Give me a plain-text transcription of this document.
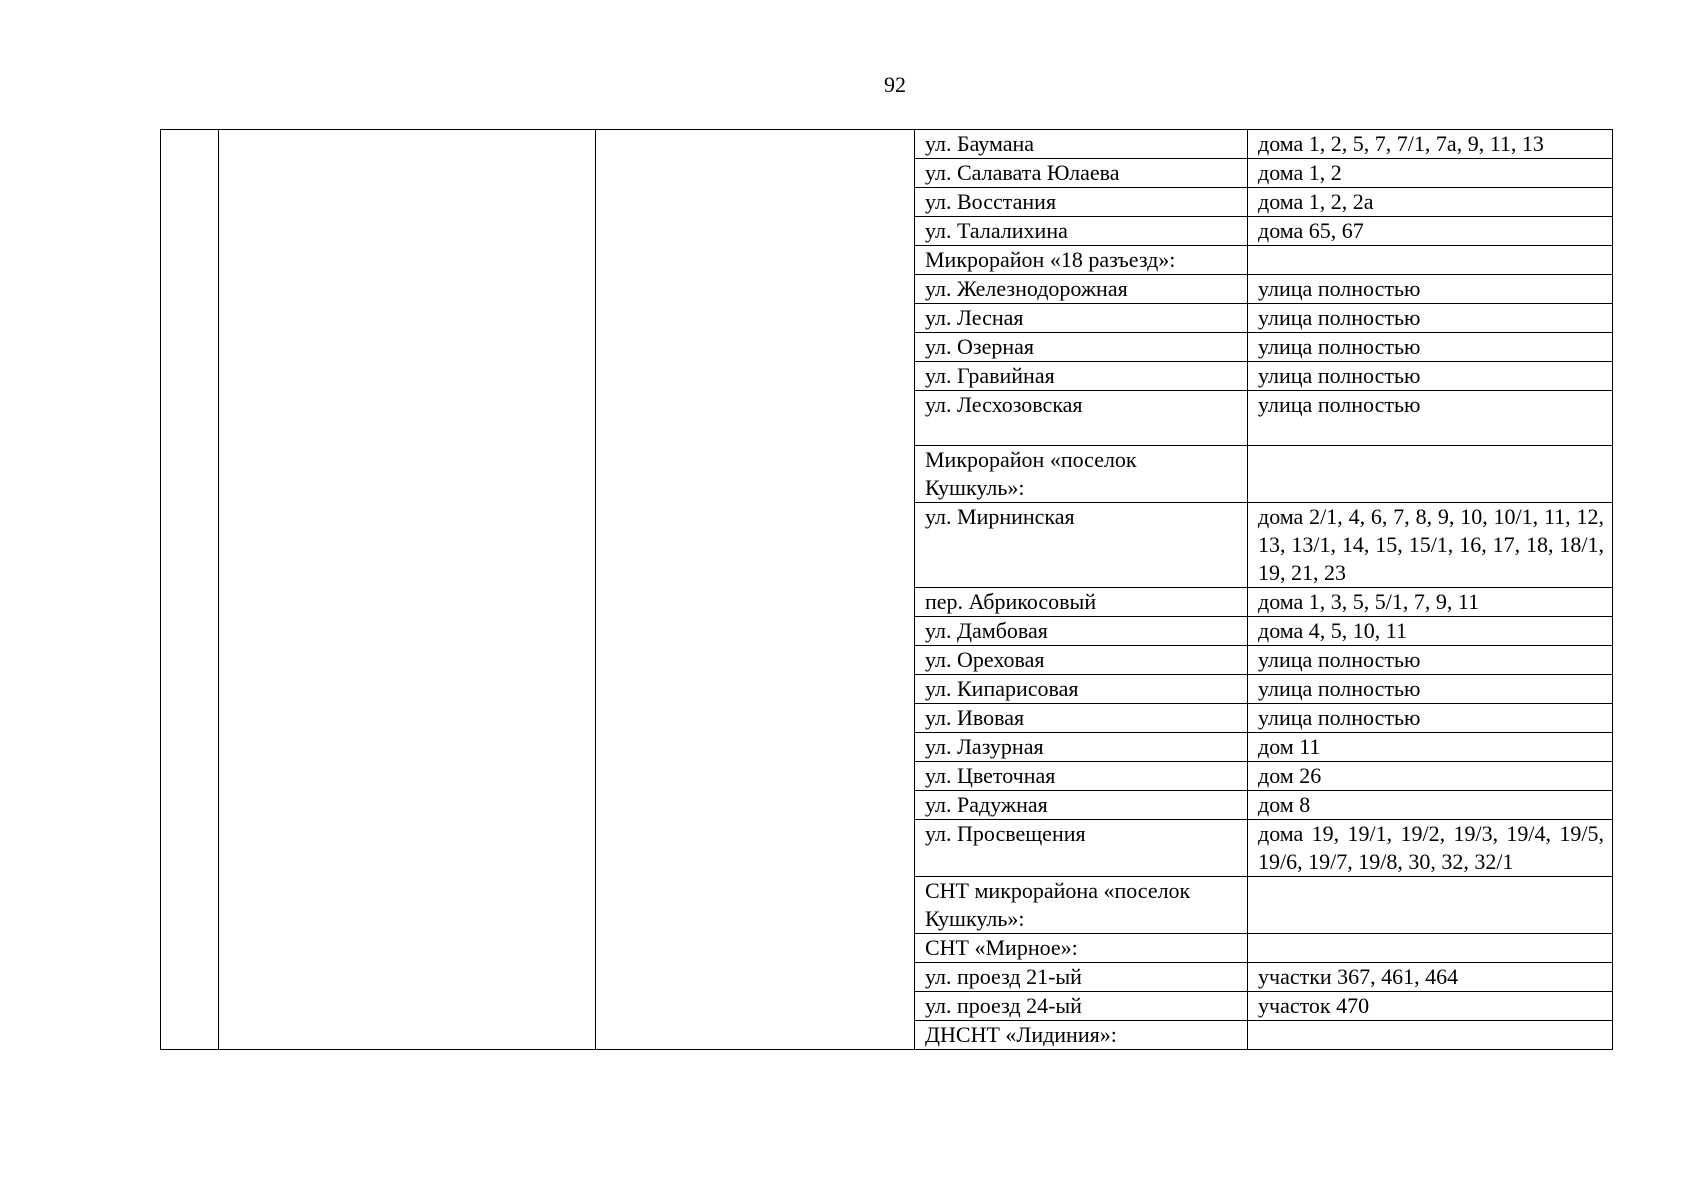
92
			ул. Баумана	дома 1, 2, 5, 7, 7/1, 7а, 9, 11, 13
			ул. Салавата Юлаева	дома 1, 2
			ул. Восстания	дома 1, 2, 2а
			ул. Талалихина	дома 65, 67
			Микрорайон «18 разъезд»:	
			ул. Железнодорожная	улица полностью
			ул. Лесная	улица полностью
			ул. Озерная	улица полностью
			ул. Гравийная	улица полностью
			ул. Лесхозовская	улица полностью
			Микрорайон «поселок Кушкуль»:	
			ул. Мирнинская	дома 2/1, 4, 6, 7, 8, 9, 10, 10/1, 11, 12, 13, 13/1, 14, 15, 15/1, 16, 17, 18, 18/1, 19, 21, 23
			пер. Абрикосовый	дома 1, 3, 5, 5/1, 7, 9, 11
			ул. Дамбовая	дома 4, 5, 10, 11
			ул. Ореховая	улица полностью
			ул. Кипарисовая	улица полностью
			ул. Ивовая	улица полностью
			ул. Лазурная	дом 11
			ул. Цветочная	дом 26
			ул. Радужная	дом 8
			ул. Просвещения	дома 19, 19/1, 19/2, 19/3, 19/4, 19/5, 19/6, 19/7, 19/8, 30, 32, 32/1
			СНТ микрорайона «поселок Кушкуль»:	
			СНТ «Мирное»:	
			ул. проезд 21-ый	участки 367, 461, 464
			ул. проезд 24-ый	участок 470
			ДНСНТ «Лидиния»:	
